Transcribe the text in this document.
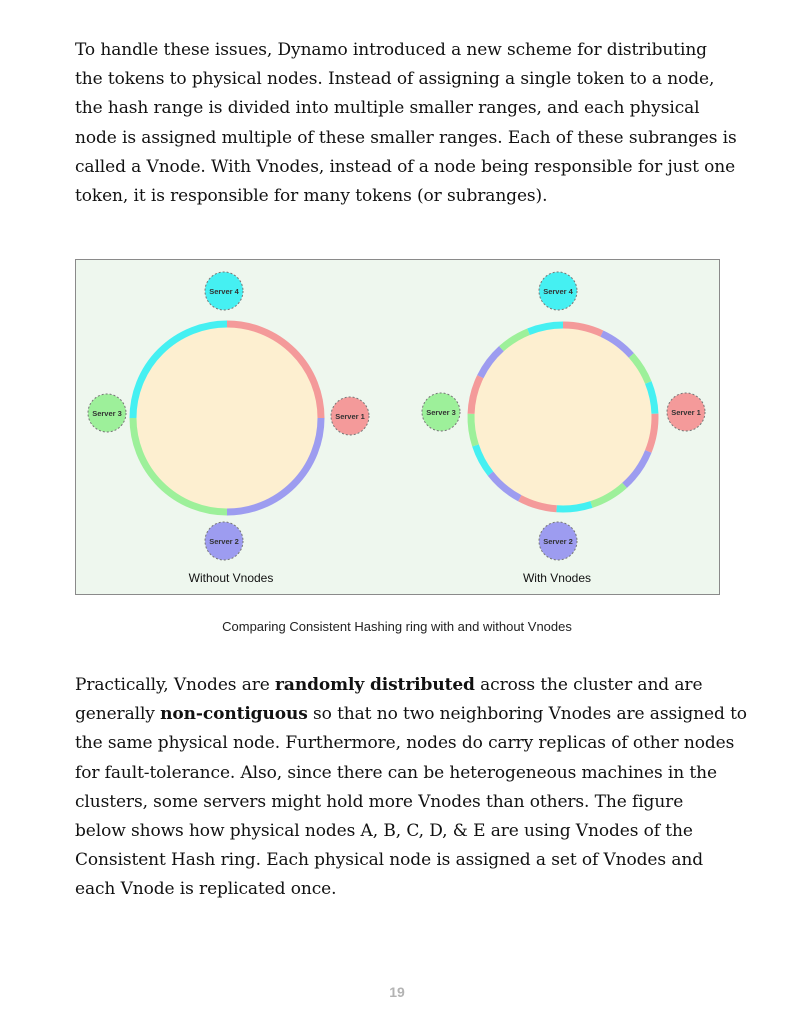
To handle these issues, Dynamo introduced a new scheme for distributing
the tokens to physical nodes. Instead of assigning a single token to a node,
the hash range is divided into multiple smaller ranges, and each physical
node is assigned multiple of these smaller ranges. Each of these subranges is
called a Vnode. With Vnodes, instead of a node being responsible for just one
token, it is responsible for many tokens (or subranges).
Server 4
Server 1
Server 2
Server 3
Without Vnodes
Server 4
Server 1
Server 2
Server 3
With Vnodes
Comparing Consistent Hashing ring with and without Vnodes
Practically, Vnodes are randomly distributed across the cluster and are
generally non-contiguous so that no two neighboring Vnodes are assigned to
the same physical node. Furthermore, nodes do carry replicas of other nodes
for fault-tolerance. Also, since there can be heterogeneous machines in the
clusters, some servers might hold more Vnodes than others. The figure
below shows how physical nodes A, B, C, D, & E are using Vnodes of the
Consistent Hash ring. Each physical node is assigned a set of Vnodes and
each Vnode is replicated once.
19
